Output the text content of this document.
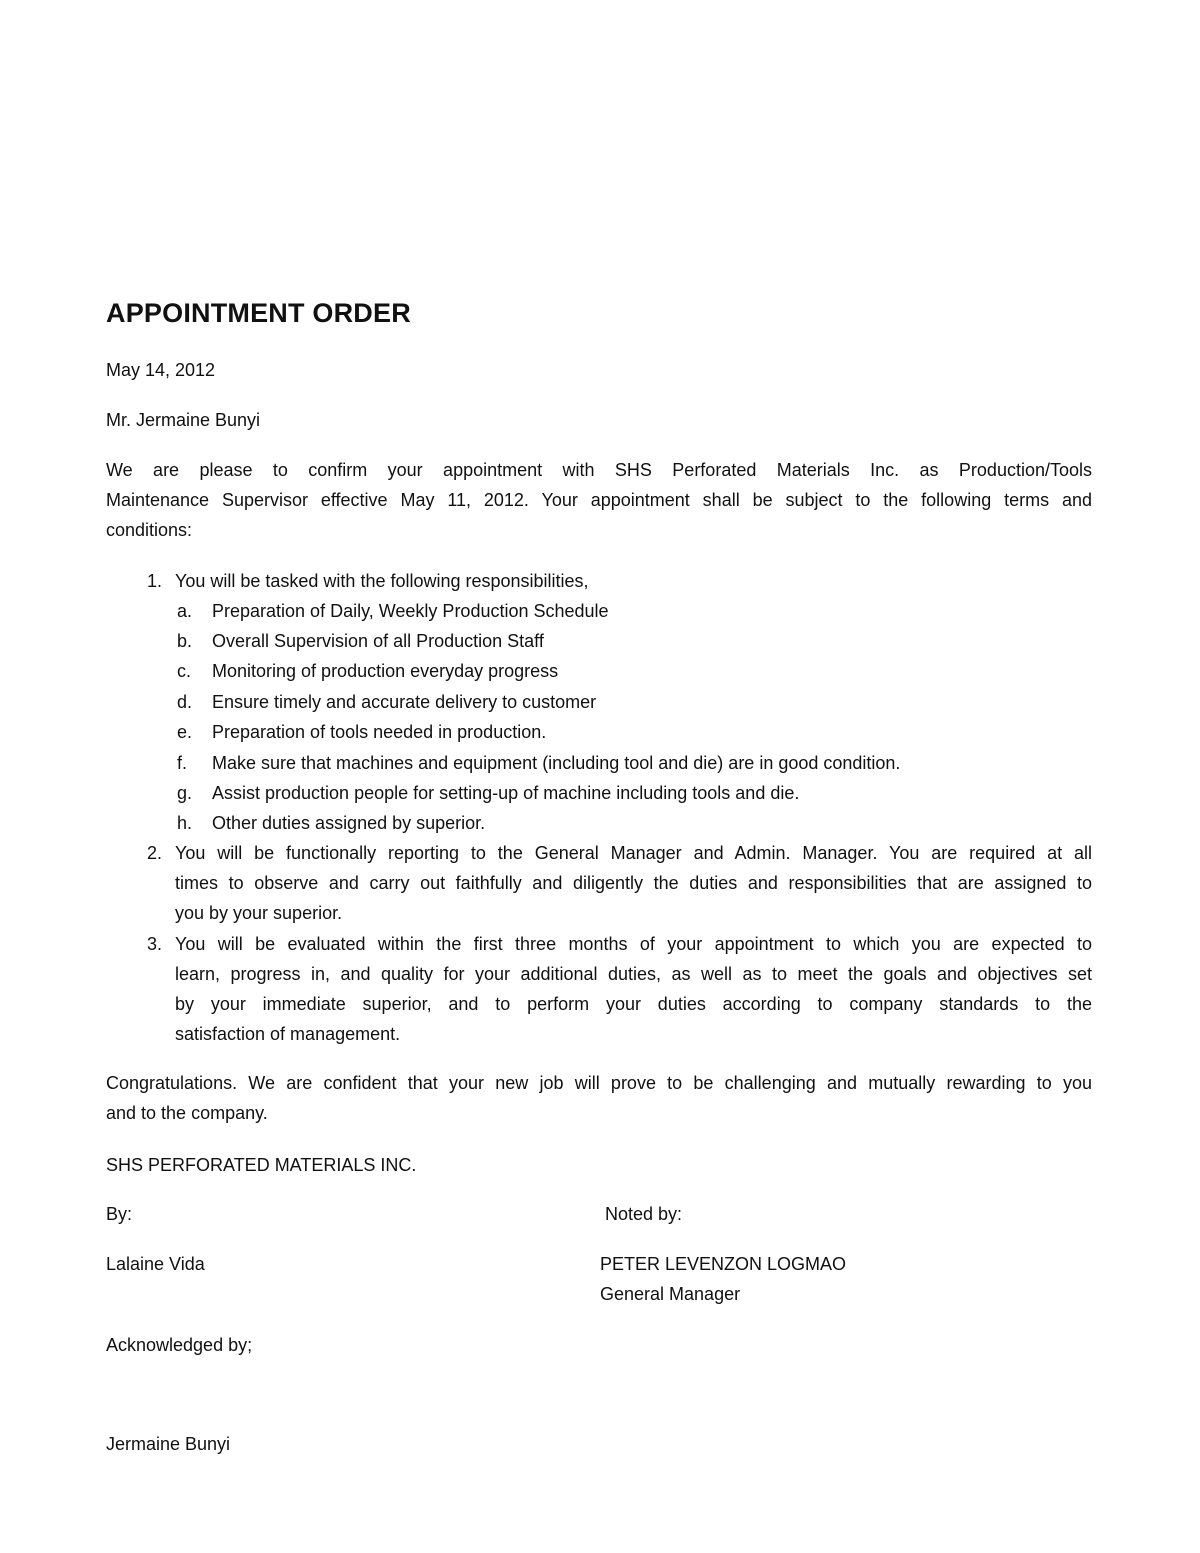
APPOINTMENT ORDER
May 14, 2012
Mr. Jermaine Bunyi
We are please to confirm your appointment with SHS Perforated Materials Inc. as Production/Tools
Maintenance Supervisor effective May 11, 2012. Your appointment shall be subject to the following terms and
conditions:
1. You will be tasked with the following responsibilities,
a. Preparation of Daily, Weekly Production Schedule
b. Overall Supervision of all Production Staff
c. Monitoring of production everyday progress
d. Ensure timely and accurate delivery to customer
e. Preparation of tools needed in production.
f. Make sure that machines and equipment (including tool and die) are in good condition.
g. Assist production people for setting-up of machine including tools and die.
h. Other duties assigned by superior.
2. You will be functionally reporting to the General Manager and Admin. Manager. You are required at all
times to observe and carry out faithfully and diligently the duties and responsibilities that are assigned to
you by your superior.
3. You will be evaluated within the first three months of your appointment to which you are expected to
learn, progress in, and quality for your additional duties, as well as to meet the goals and objectives set
by your immediate superior, and to perform your duties according to company standards to the
satisfaction of management.
Congratulations. We are confident that your new job will prove to be challenging and mutually rewarding to you
and to the company.
SHS PERFORATED MATERIALS INC.
By:	Noted by:
Lalaine Vida	PETER LEVENZON LOGMAO
General Manager
Acknowledged by;
Jermaine Bunyi
